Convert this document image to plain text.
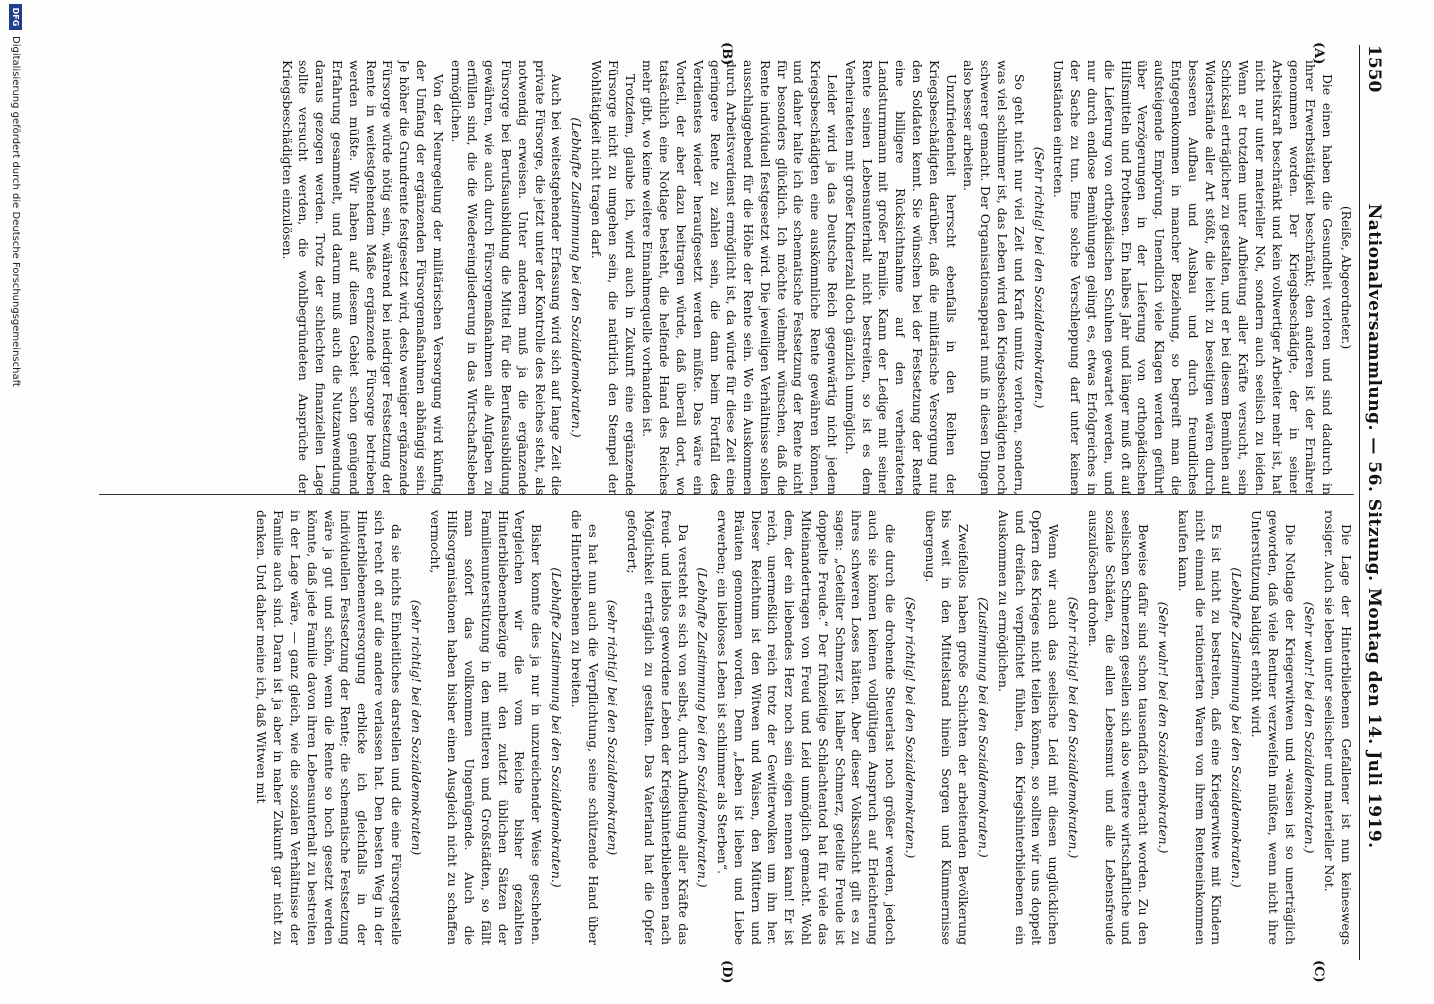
1550
Nationalversammlung. — 56. Sitzung. Montag den 14. Juli 1919.
(A)
(B)
(C)
(D)

(Reiße, Abgeordneter.)

Die einen haben die Gesundheit verloren und sind dadurch in ihrer Erwerbstätigkeit beschränkt; den anderen ist der Ernährer genommen worden. Der Kriegsbeschädigte, der in seiner Arbeitskraft beschränkt und kein vollwertiger Arbeiter mehr ist, hat nicht nur unter materieller Not, sondern auch seelisch zu leiden. Wenn er trotzdem unter Aufbietung aller Kräfte versucht, sein Schicksal erträglicher zu gestalten, und er bei diesem Bemühen auf Widerstände aller Art stößt, die leicht zu beseitigen wären durch besseren Aufbau und Ausbau und durch freundliches Entgegenkommen in mancher Beziehung, so begreift man die aufsteigende Empörung. Unendlich viele Klagen werden geführt über Verzögerungen in der Lieferung von orthopädischen Hilfsmitteln und Prothesen. Ein halbes Jahr und länger muß oft auf die Lieferung von orthopädischen Schuhen gewartet werden, und nur durch endlose Bemühungen gelingt es, etwas Erfolgreiches in der Sache zu tun. Eine solche Verschleppung darf unter keinen Umständen eintreten.

(Sehr richtig! bei den Sozialdemokraten.)

So geht nicht nur viel Zeit und Kraft unnütz verloren, sondern, was viel schlimmer ist, das Leben wird den Kriegsbeschädigten noch schwerer gemacht. Der Organisationsapparat muß in diesen Dingen also besser arbeiten.

Unzufriedenheit herrscht ebenfalls in den Reihen der Kriegsbeschädigten darüber, daß die militärische Versorgung nur den Soldaten kennt. Sie wünschen bei der Festsetzung der Rente eine billigere Rücksichtnahme auf den verheirateten Landsturmmann mit großer Familie. Kann der Ledige mit seiner Rente seinen Lebensunterhalt nicht bestreiten, so ist es dem Verheirateten mit großer Kinderzahl doch gänzlich unmöglich.

Leider wird ja das Deutsche Reich gegenwärtig nicht jedem Kriegsbeschädigten eine auskömmliche Rente gewähren können, und daher halte ich die schematische Festsetzung der Rente nicht für besonders glücklich. Ich möchte vielmehr wünschen, daß die Rente individuell festgesetzt wird. Die jeweiligen Verhältnisse sollen ausschlaggebend für die Höhe der Rente sein. Wo ein Auskommen durch Arbeitsverdienst ermöglicht ist, da würde für diese Zeit eine geringere Rente zu zahlen sein, die dann beim Fortfall des Verdienstes wieder heraufgesetzt werden müßte. Das wäre ein Vorteil, der aber dazu beitragen würde, daß überall dort, wo tatsächlich eine Notlage besteht, die helfende Hand des Reiches mehr gibt, wo keine weitere Einnahmequelle vorhanden ist.

Trotzdem, glaube ich, wird auch in Zukunft eine ergänzende Fürsorge nicht zu umgehen sein, die natürlich den Stempel der Wohltätigkeit nicht tragen darf.

(Lebhafte Zustimmung bei den Sozialdemokraten.)

Auch bei weitestgehender Erfassung wird sich auf lange Zeit die private Fürsorge, die jetzt unter der Kontrolle des Reiches steht, als notwendig erweisen. Unter anderem muß ja die ergänzende Fürsorge bei Berufsausbildung die Mittel für die Berufsausbildung gewähren, wie auch durch Fürsorgemaßnahmen alle Aufgaben zu erfüllen sind, die die Wiedereingliederung in das Wirtschaftsleben ermöglichen.

Von der Neuregelung der militärischen Versorgung wird künftig der Umfang der ergänzenden Fürsorgemaßnahmen abhängig sein. Je höher die Grundrente festgesetzt wird, desto weniger ergänzende Fürsorge würde nötig sein, während bei niedriger Festsetzung der Rente in weitestgehendem Maße ergänzende Fürsorge betrieben werden müßte. Wir haben auf diesem Gebiet schon genügend Erfahrung gesammelt, und darum muß auch die Nutzanwendung daraus gezogen werden. Trotz der schlechten finanziellen Lage sollte versucht werden, die wohlbegründeten Ansprüche der Kriegsbeschädigten einzulösen.

Die Lage der Hinterbliebenen Gefallener ist nun keineswegs rosiger. Auch sie leben unter seelischer und materieller Not.

(Sehr wahr! bei den Sozialdemokraten.)

Die Notlage der Kriegerwitwen und -waisen ist so unerträglich geworden, daß viele Rentner verzweifeln müßten, wenn nicht ihre Unterstützung baldigst erhöht wird.

(Lebhafte Zustimmung bei den Sozialdemokraten.)

Es ist nicht zu bestreiten, daß eine Kriegerwitwe mit Kindern nicht einmal die rationierten Waren von ihrem Renteneinkommen kaufen kann.

(Sehr wahr! bei den Sozialdemokraten.)

Beweise dafür sind schon tausendfach erbracht worden. Zu den seelischen Schmerzen gesellen sich also weitere wirtschaftliche und soziale Schäden, die allen Lebensmut und alle Lebensfreude auszulöschen drohen.

(Sehr richtig! bei den Sozialdemokraten.)

Wenn wir auch das seelische Leid mit diesen unglücklichen Opfern des Krieges nicht teilen können, so sollten wir uns doppelt und dreifach verpflichtet fühlen, den Kriegshinterbliebenen ein Auskommen zu ermöglichen.

(Zustimmung bei den Sozialdemokraten.)

Zweifellos haben große Schichten der arbeitenden Bevölkerung bis weit in den Mittelstand hinein Sorgen und Kümmernisse übergenug.

(Sehr richtig! bei den Sozialdemokraten.)

die durch die drohende Steuerlast noch größer werden, jedoch auch sie können keinen vollgültigen Anspruch auf Erleichterung ihres schweren Loses hätten. Aber dieser Volksschicht gilt es zu sagen: „Geteilter Schmerz ist halber Schmerz, geteilte Freude ist doppelte Freude.“ Der frühzeitige Schlachtentod hat für viele das Miteinandertragen von Freud und Leid unmöglich gemacht. Wohl dem, der ein liebendes Herz noch sein eigen nennen kann! Er ist reich, unermeßlich reich trotz der Gewitterwolken um ihn her. Dieser Reichtum ist den Witwen und Waisen, den Müttern und Bräuten genommen worden. Denn „Leben ist lieben und Liebe erwerben; ein liebloses Leben ist schlimmer als Sterben“.

(Lebhafte Zustimmung bei den Sozialdemokraten.)

Da versteht es sich von selbst, durch Aufbietung aller Kräfte das freud- und lieblos gewordene Leben der Kriegshinterbliebenen nach Möglichkeit erträglich zu gestalten. Das Vaterland hat die Opfer gefordert;

(sehr richtig! bei den Sozialdemokraten)

es hat nun auch die Verpflichtung, seine schützende Hand über die Hinterbliebenen zu breiten.

(Lebhafte Zustimmung bei den Sozialdemokraten.)

Bisher konnte dies ja nur in unzureichender Weise geschehen. Vergleichen wir die vom Reiche bisher gezahlten Hinterbliebenenbezüge mit den zuletzt üblichen Sätzen der Familienunterstützung in den mittleren und Großstädten, so fällt man sofort das vollkommen Ungenügende. Auch die Hilfsorganisationen haben bisher einen Ausgleich nicht zu schaffen vermocht,

(sehr richtig! bei den Sozialdemokraten)

da sie nichts Einheitliches darstellen und die eine Fürsorgestelle sich recht oft auf die andere verlassen hat. Den besten Weg in der Hinterbliebenenversorgung erblicke ich gleichfalls in der individuellen Festsetzung der Rente; die schematische Festsetzung wäre ja gut und schön, wenn die Rente so hoch gesetzt werden könnte, daß jede Familie davon ihren Lebensunterhalt zu bestreiten in der Lage wäre, — ganz gleich, wie die sozialen Verhältnisse der Familie auch sind. Daran ist ja aber in naher Zukunft gar nicht zu denken. Und daher meine ich, daß Witwen mit

DFG
Digitalisierung gefördert durch die Deutsche Forschungsgemeinschaft
